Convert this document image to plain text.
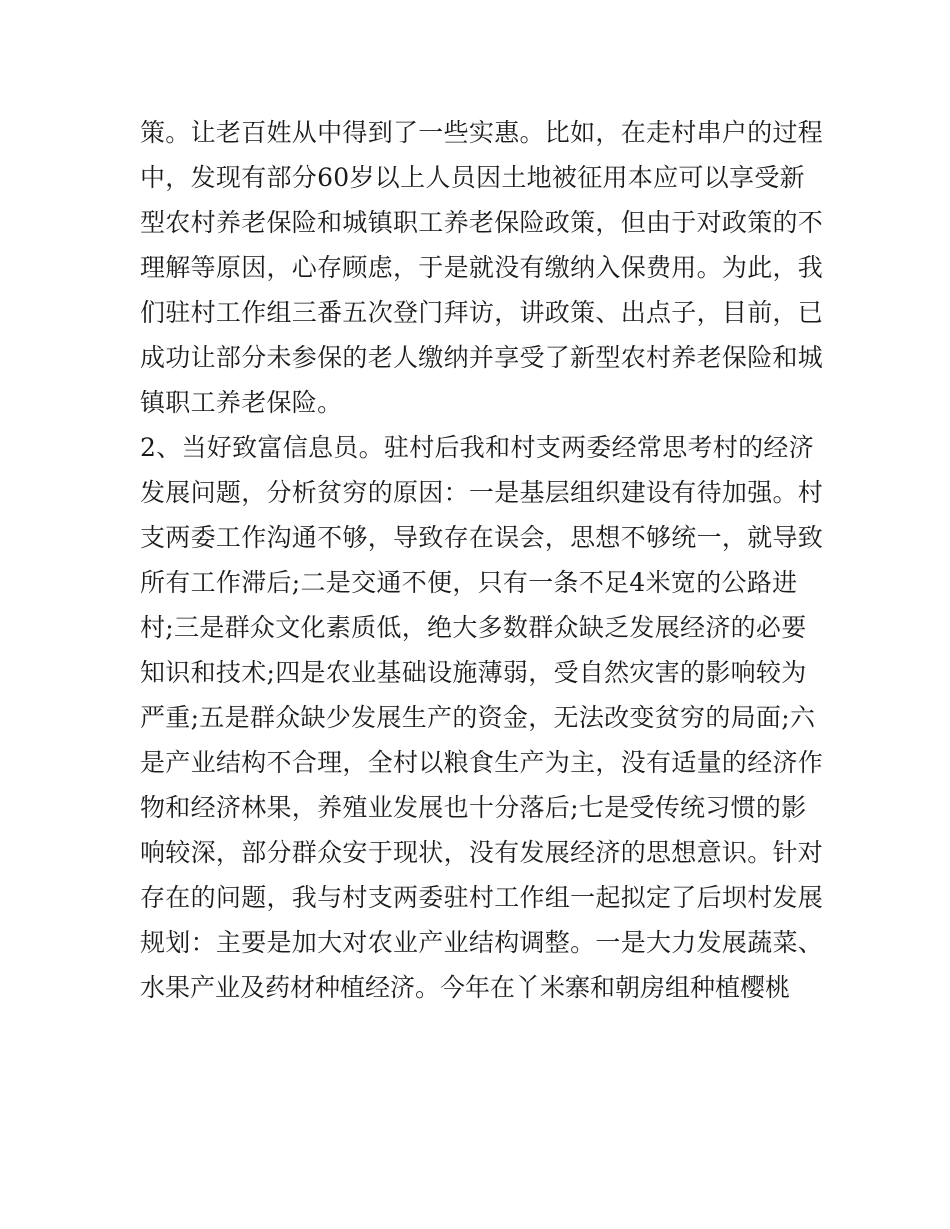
策。让老百姓从中得到了一些实惠。比如，在走村串户的过程
中，发现有部分60岁以上人员因土地被征用本应可以享受新
型农村养老保险和城镇职工养老保险政策，但由于对政策的不
理解等原因，心存顾虑，于是就没有缴纳入保费用。为此，我
们驻村工作组三番五次登门拜访，讲政策、出点子，目前，已
成功让部分未参保的老人缴纳并享受了新型农村养老保险和城
镇职工养老保险。
2、当好致富信息员。驻村后我和村支两委经常思考村的经济
发展问题，分析贫穷的原因：一是基层组织建设有待加强。村
支两委工作沟通不够，导致存在误会，思想不够统一，就导致
所有工作滞后;二是交通不便，只有一条不足4米宽的公路进
村;三是群众文化素质低，绝大多数群众缺乏发展经济的必要
知识和技术;四是农业基础设施薄弱，受自然灾害的影响较为
严重;五是群众缺少发展生产的资金，无法改变贫穷的局面;六
是产业结构不合理，全村以粮食生产为主，没有适量的经济作
物和经济林果，养殖业发展也十分落后;七是受传统习惯的影
响较深，部分群众安于现状，没有发展经济的思想意识。针对
存在的问题，我与村支两委驻村工作组一起拟定了后坝村发展
规划：主要是加大对农业产业结构调整。一是大力发展蔬菜、
水果产业及药材种植经济。今年在丫米寨和朝房组种植樱桃
